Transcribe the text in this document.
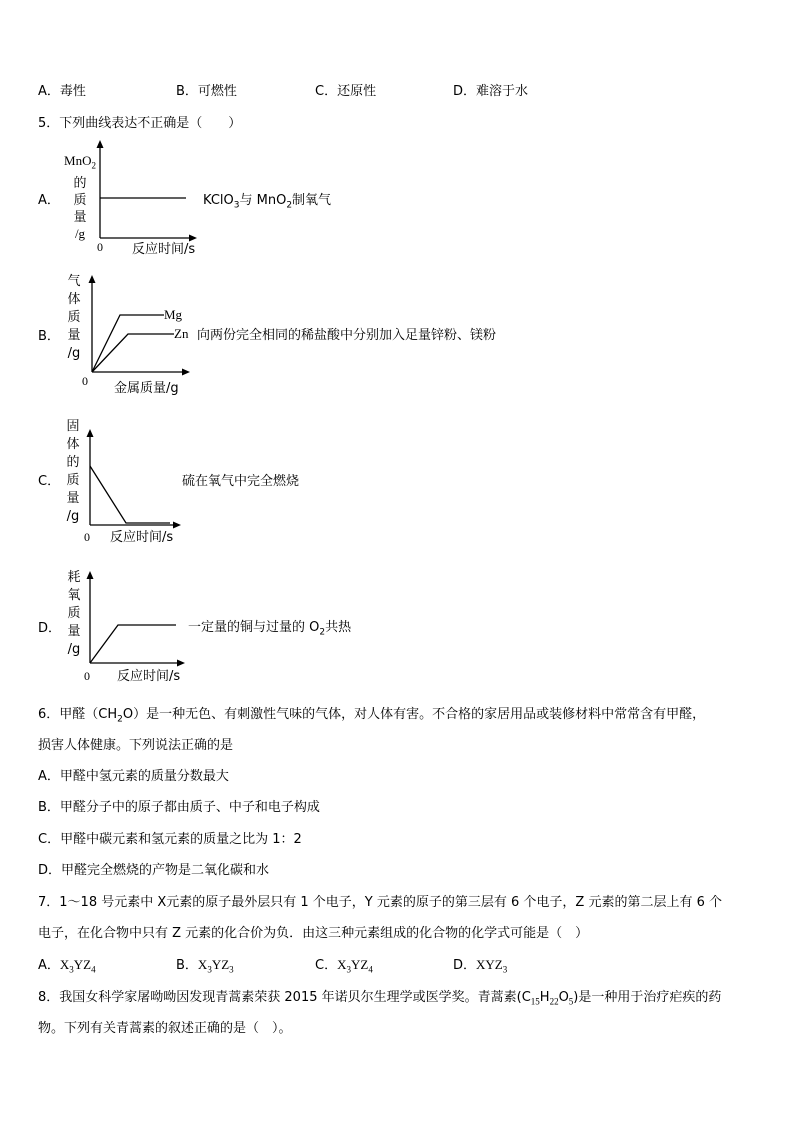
A．毒性	B．可燃性	C．还原性	D．难溶于水
5．下列曲线表达不正确是（　　）
A．
MnO$_2$
的
质
量
/g
0 反应时间/s
KClO$_3$与 MnO$_2$制氧气
B．
气
体
质
量
/g
Mg
Zn
0 金属质量/g
向两份完全相同的稀盐酸中分别加入足量锌粉、镁粉
C．
固
体
的
质
量
/g
0 反应时间/s
硫在氧气中完全燃烧
D．
耗
氧
质
量
/g
0 反应时间/s
一定量的铜与过量的 $O_2$共热
6．甲醛$(CH_2O)$是一种无色、有刺激性气味的气体，对人体有害。不合格的家居用品或装修材料中常常含有甲醛，
损害人体健康。下列说法正确的是
A．甲醛中氢元素的质量分数最大
B．甲醛分子中的原子都由质子、中子和电子构成
C．甲醛中碳元素和氢元素的质量之比为 1：2
D．甲醛完全燃烧的产物是二氧化碳和水
7．1～18 号元素中 X元素的原子最外层只有 1 个电子，Y 元素的原子的第三层有 6 个电子，Z 元素的第二层上有 6 个
电子，在化合物中只有 Z 元素的化合价为负．由这三种元素组成的化合物的化学式可能是（　）
A．$X_3YZ_4$	B．$X_3YZ_3$	C．$X_3YZ_4$	D．$XYZ_3$
8．我国女科学家屠呦呦因发现青蒿素荣获 2015 年诺贝尔生理学或医学奖。青蒿素$(C_{15}H_{22}O_5)$是一种用于治疗疟疾的药
物。下列有关青蒿素的叙述正确的是（　）。
